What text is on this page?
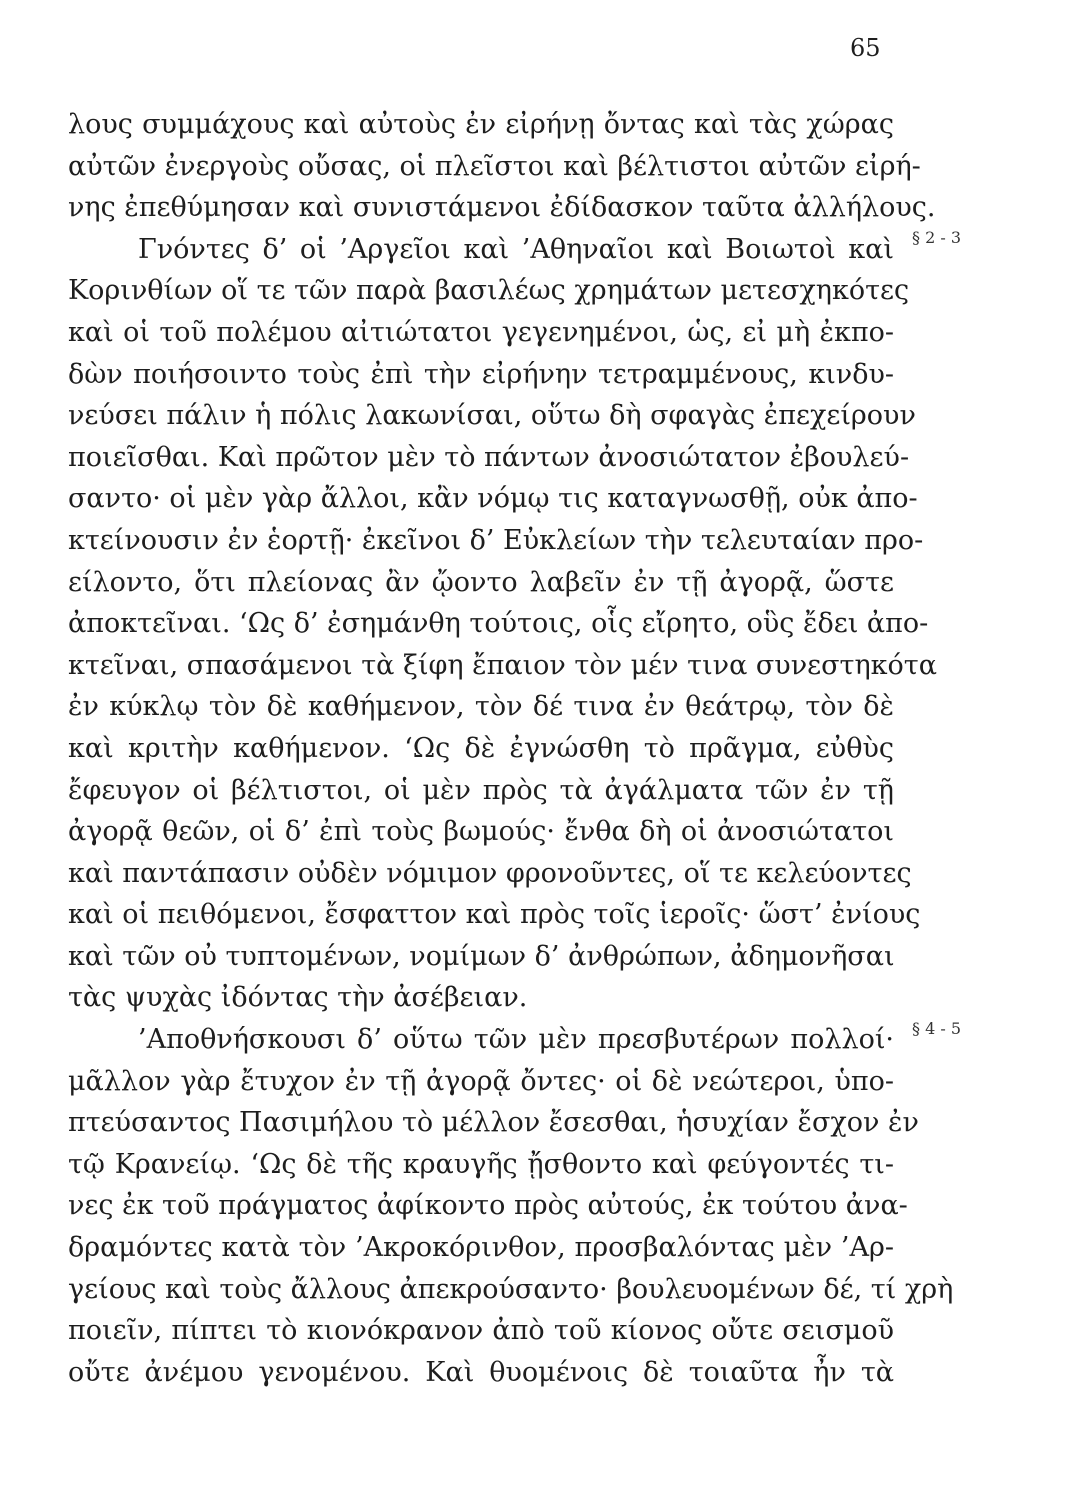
65
§ 2 - 3
§ 4 - 5
λους συμμάχους καὶ αὐτοὺς ἐν εἰρήνῃ ὄντας καὶ τὰς χώρας
αὐτῶν ἐνεργοὺς οὔσας, οἱ πλεῖστοι καὶ βέλτιστοι αὐτῶν εἰρή-
νης ἐπεθύμησαν καὶ συνιστάμενοι ἐδίδασκον ταῦτα ἀλλήλους.
Γνόντες δ’ οἱ ’Αργεῖοι καὶ ’Αθηναῖοι καὶ Βοιωτοὶ καὶ
Κορινθίων οἵ τε τῶν παρὰ βασιλέως χρημάτων μετεσχηκότες
καὶ οἱ τοῦ πολέμου αἰτιώτατοι γεγενημένοι, ὡς, εἰ μὴ ἐκπο-
δὼν ποιήσοιντο τοὺς ἐπὶ τὴν εἰρήνην τετραμμένους, κινδυ-
νεύσει πάλιν ἡ πόλις λακωνίσαι, οὕτω δὴ σφαγὰς ἐπεχείρουν
ποιεῖσθαι. Καὶ πρῶτον μὲν τὸ πάντων ἀνοσιώτατον ἐβουλεύ-
σαντο· οἱ μὲν γὰρ ἄλλοι, κἂν νόμῳ τις καταγνωσθῇ, οὐκ ἀπο-
κτείνουσιν ἐν ἑορτῇ· ἐκεῖνοι δ’ Εὐκλείων τὴν τελευταίαν προ-
είλοντο, ὅτι πλείονας ἂν ᾤοντο λαβεῖν ἐν τῇ ἀγορᾷ, ὥστε
ἀποκτεῖναι. ‘Ως δ’ ἐσημάνθη τούτοις, οἷς εἴρητο, οὓς ἔδει ἀπο-
κτεῖναι, σπασάμενοι τὰ ξίφη ἔπαιον τὸν μέν τινα συνεστηκότα
ἐν κύκλῳ τὸν δὲ καθήμενον, τὸν δέ τινα ἐν θεάτρῳ, τὸν δὲ
καὶ κριτὴν καθήμενον. ‘Ως δὲ ἐγνώσθη τὸ πρᾶγμα, εὐθὺς
ἔφευγον οἱ βέλτιστοι, οἱ μὲν πρὸς τὰ ἀγάλματα τῶν ἐν τῇ
ἀγορᾷ θεῶν, οἱ δ’ ἐπὶ τοὺς βωμούς· ἔνθα δὴ οἱ ἀνοσιώτατοι
καὶ παντάπασιν οὐδὲν νόμιμον φρονοῦντες, οἵ τε κελεύοντες
καὶ οἱ πειθόμενοι, ἔσφαττον καὶ πρὸς τοῖς ἱεροῖς· ὥστ’ ἐνίους
καὶ τῶν οὐ τυπτομένων, νομίμων δ’ ἀνθρώπων, ἀδημονῆσαι
τὰς ψυχὰς ἰδόντας τὴν ἀσέβειαν.
’Αποθνήσκουσι δ’ οὕτω τῶν μὲν πρεσβυτέρων πολλοί·
μᾶλλον γὰρ ἔτυχον ἐν τῇ ἀγορᾷ ὄντες· οἱ δὲ νεώτεροι, ὑπο-
πτεύσαντος Πασιμήλου τὸ μέλλον ἔσεσθαι, ἡσυχίαν ἔσχον ἐν
τῷ Κρανείῳ. ‘Ως δὲ τῆς κραυγῆς ᾔσθοντο καὶ φεύγοντές τι-
νες ἐκ τοῦ πράγματος ἀφίκοντο πρὸς αὐτούς, ἐκ τούτου ἀνα-
δραμόντες κατὰ τὸν ’Ακροκόρινθον, προσβαλόντας μὲν ’Αρ-
γείους καὶ τοὺς ἄλλους ἀπεκρούσαντο· βουλευομένων δέ, τί χρὴ
ποιεῖν, πίπτει τὸ κιονόκρανον ἀπὸ τοῦ κίονος οὔτε σεισμοῦ
οὔτε ἀνέμου γενομένου. Καὶ θυομένοις δὲ τοιαῦτα ἦν τὰ
